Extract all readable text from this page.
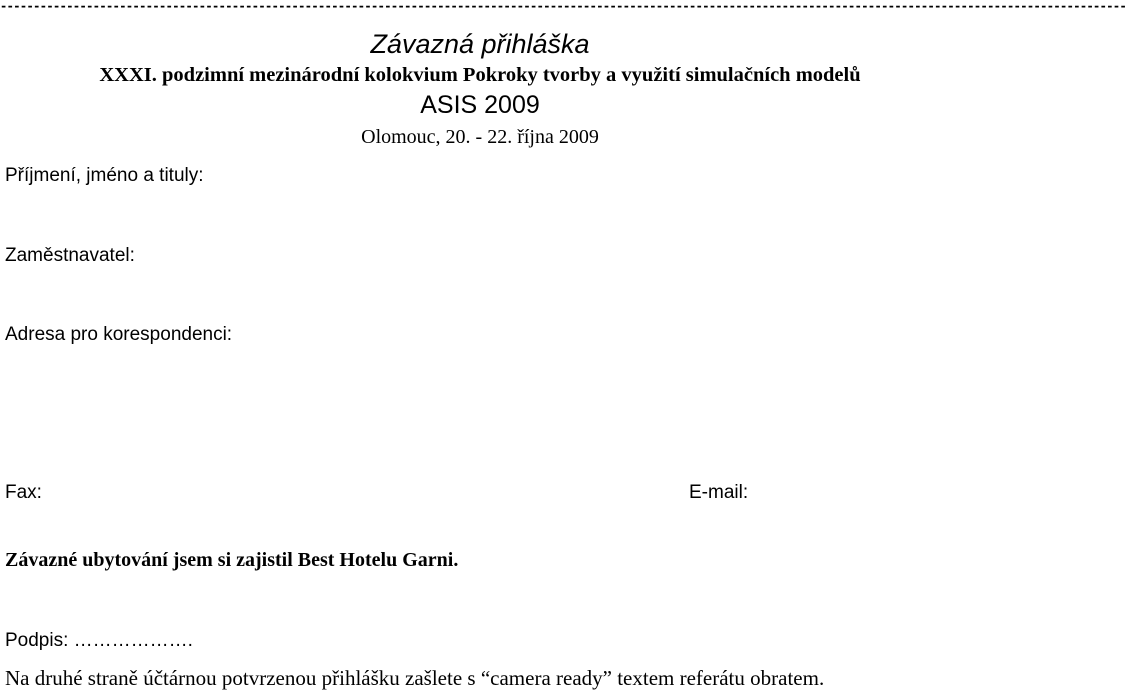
--------------------------------------------------------------------------------------------------------------------------------------------------------------------------
Závazná přihláška
XXXI. podzimní mezinárodní kolokvium Pokroky tvorby a využití simulačních modelů
ASIS 2009
Olomouc, 20. - 22. října 2009
Příjmení, jméno a tituly:
Zaměstnavatel:
Adresa pro korespondenci:
Fax:	E-mail:
Závazné ubytování jsem si zajistil Best Hotelu Garni.
Podpis: ……………….
Na druhé straně účtárnou potvrzenou přihlášku zašlete s “camera ready” textem referátu obratem.
